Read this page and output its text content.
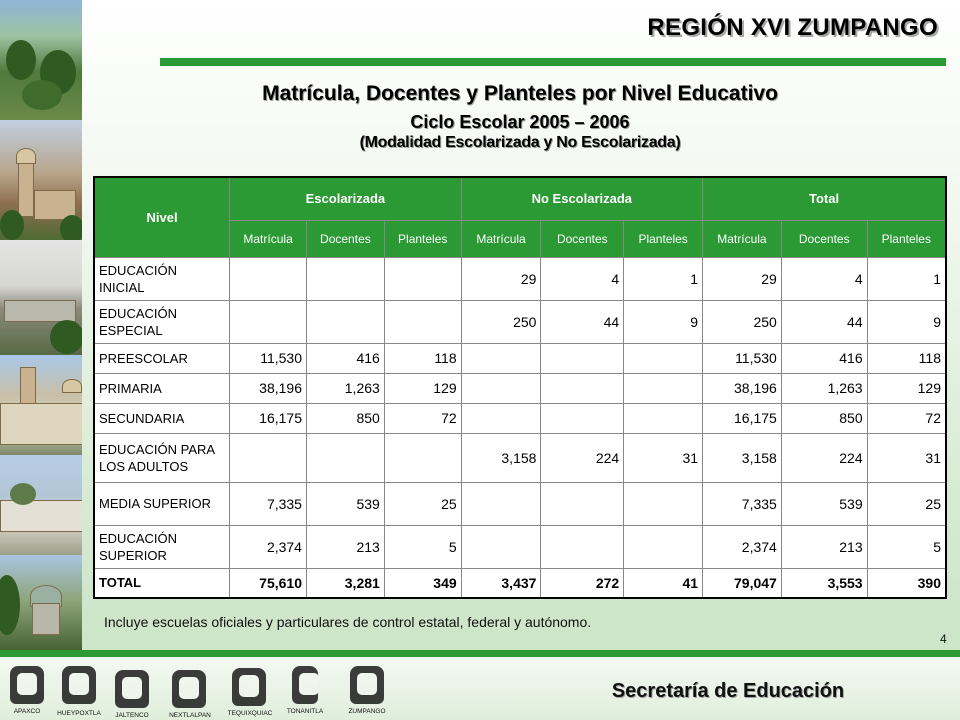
REGIÓN XVI ZUMPANGO
Matrícula, Docentes y Planteles por Nivel Educativo
Ciclo Escolar 2005 – 2006
(Modalidad Escolarizada y No Escolarizada)
Nivel	Escolarizada			No Escolarizada			Total		
	Matrícula	Docentes	Planteles	Matrícula	Docentes	Planteles	Matrícula	Docentes	Planteles
EDUCACIÓN INICIAL				29	4	1	29	4	1
EDUCACIÓN ESPECIAL				250	44	9	250	44	9
PREESCOLAR	11,530	416	118				11,530	416	118
PRIMARIA	38,196	1,263	129				38,196	1,263	129
SECUNDARIA	16,175	850	72				16,175	850	72
EDUCACIÓN PARA LOS ADULTOS				3,158	224	31	3,158	224	31
MEDIA SUPERIOR	7,335	539	25				7,335	539	25
EDUCACIÓN SUPERIOR	2,374	213	5				2,374	213	5
TOTAL	75,610	3,281	349	3,437	272	41	79,047	3,553	390
Incluye escuelas oficiales y particulares de control estatal, federal y autónomo.
4
APAXCO	HUEYPOXTLA	JALTENCO	NEXTLALPAN	TEQUIXQUIAC	TONANITLA	ZUMPANGO
Secretaría de Educación
